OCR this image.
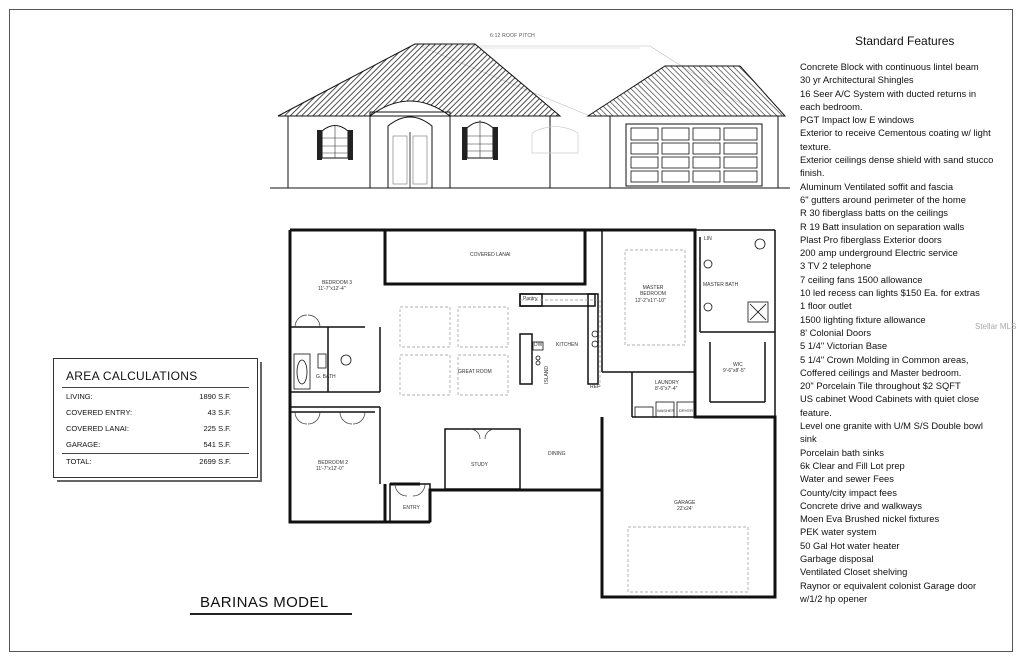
6:12 ROOF PITCH
COVERED LANAI
BEDROOM 3
11'-7"x12'-4"	MASTER BEDROOM
12'-2"x17'-10"
LIN
MASTER BATH
WIC
9'-6"x8'-5"
Pantry
KITCHEN
DW
ISLAND
REF
GREAT ROOM
G. BATH
LAUNDRY
8'-6"x7'-4"
WASHER DRYER
BEDROOM 2
11'-7"x12'-0"
STUDY
DINING
GARAGE
22'x24'
ENTRY
Standard Features
Concrete Block with continuous lintel beam
30 yr Architectural Shingles
16 Seer A/C System with ducted returns in
each bedroom.
PGT Impact low E windows
Exterior to receive Cementous coating w/ light
texture.
Exterior ceilings dense shield with sand stucco
finish.
Aluminum Ventilated soffit and fascia
6" gutters around perimeter of the home
R 30 fiberglass batts on the ceilings
R 19 Batt insulation on separation walls
Plast Pro fiberglass Exterior doors
200 amp underground Electric service
3 TV 2 telephone
7 ceiling fans 1500 allowance
10 led recess can lights $150 Ea. for extras
1 floor outlet
1500 lighting fixture allowance
8' Colonial Doors
5 1/4" Victorian Base
5 1/4" Crown Molding in Common areas,
Coffered ceilings and Master bedroom.
20" Porcelain Tile throughout $2 SQFT
US cabinet Wood Cabinets with quiet close
feature.
Level one granite with U/M S/S Double bowl
sink
Porcelain bath sinks
6k Clear and Fill Lot prep
Water and sewer Fees
County/city impact fees
Concrete drive and walkways
Moen Eva Brushed nickel fixtures
PEK water system
50 Gal Hot water heater
Garbage disposal
Ventilated Closet shelving
Raynor or equivalent colonist Garage door
w/1/2 hp opener
AREA CALCULATIONS
LIVING:	1890 S.F.
COVERED ENTRY:	43 S.F.
COVERED LANAI:	225 S.F.
GARAGE:	541 S.F.
TOTAL:	2699 S.F.
BARINAS MODEL
Stellar MLS
